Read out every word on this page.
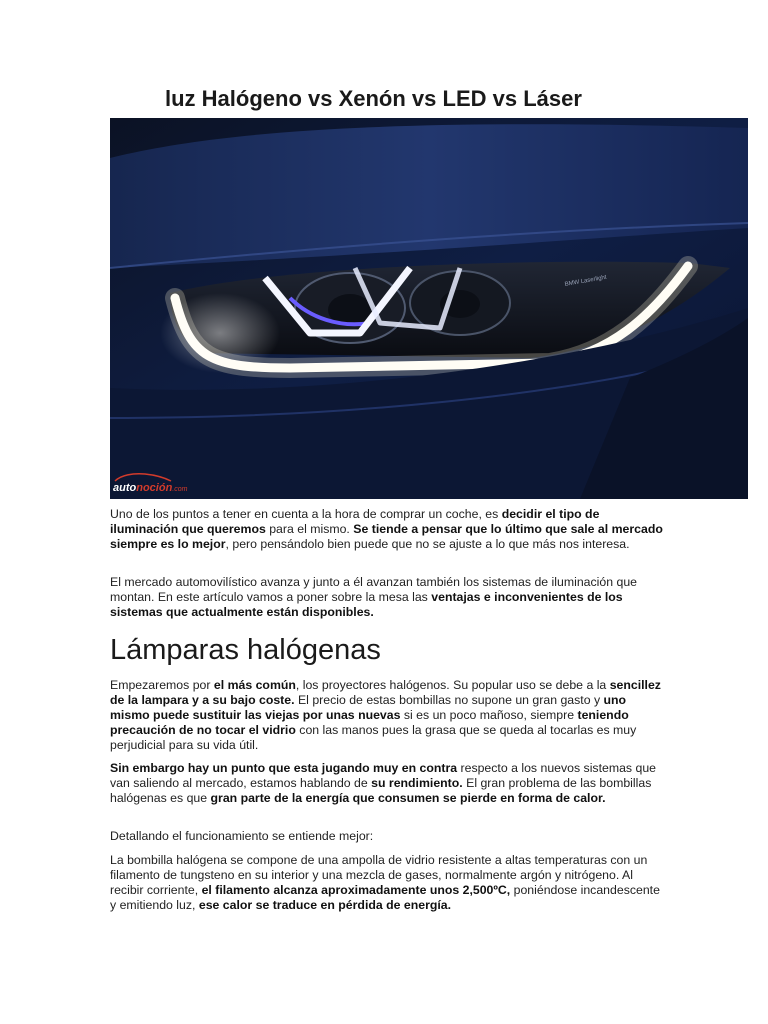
luz Halógeno vs Xenón vs LED vs Láser
BMW Laserlight
autonoción.com

Uno de los puntos a tener en cuenta a la hora de comprar un coche, es decidir el tipo de iluminación que queremos para el mismo. Se tiende a pensar que lo último que sale al mercado siempre es lo mejor, pero pensándolo bien puede que no se ajuste a lo que más nos interesa.

El mercado automovilístico avanza y junto a él avanzan también los sistemas de iluminación que montan. En este artículo vamos a poner sobre la mesa las ventajas e inconvenientes de los sistemas que actualmente están disponibles.

Lámparas halógenas

Empezaremos por el más común, los proyectores halógenos. Su popular uso se debe a la sencillez de la lampara y a su bajo coste. El precio de estas bombillas no supone un gran gasto y uno mismo puede sustituir las viejas por unas nuevas si es un poco mañoso, siempre teniendo precaución de no tocar el vidrio con las manos pues la grasa que se queda al tocarlas es muy perjudicial para su vida útil.

Sin embargo hay un punto que esta jugando muy en contra respecto a los nuevos sistemas que van saliendo al mercado, estamos hablando de su rendimiento. El gran problema de las bombillas halógenas es que gran parte de la energía que consumen se pierde en forma de calor.

Detallando el funcionamiento se entiende mejor:

La bombilla halógena se compone de una ampolla de vidrio resistente a altas temperaturas con un filamento de tungsteno en su interior y una mezcla de gases, normalmente argón y nitrógeno. Al recibir corriente, el filamento alcanza aproximadamente unos 2,500ºC, poniéndose incandescente y emitiendo luz, ese calor se traduce en pérdida de energía.
